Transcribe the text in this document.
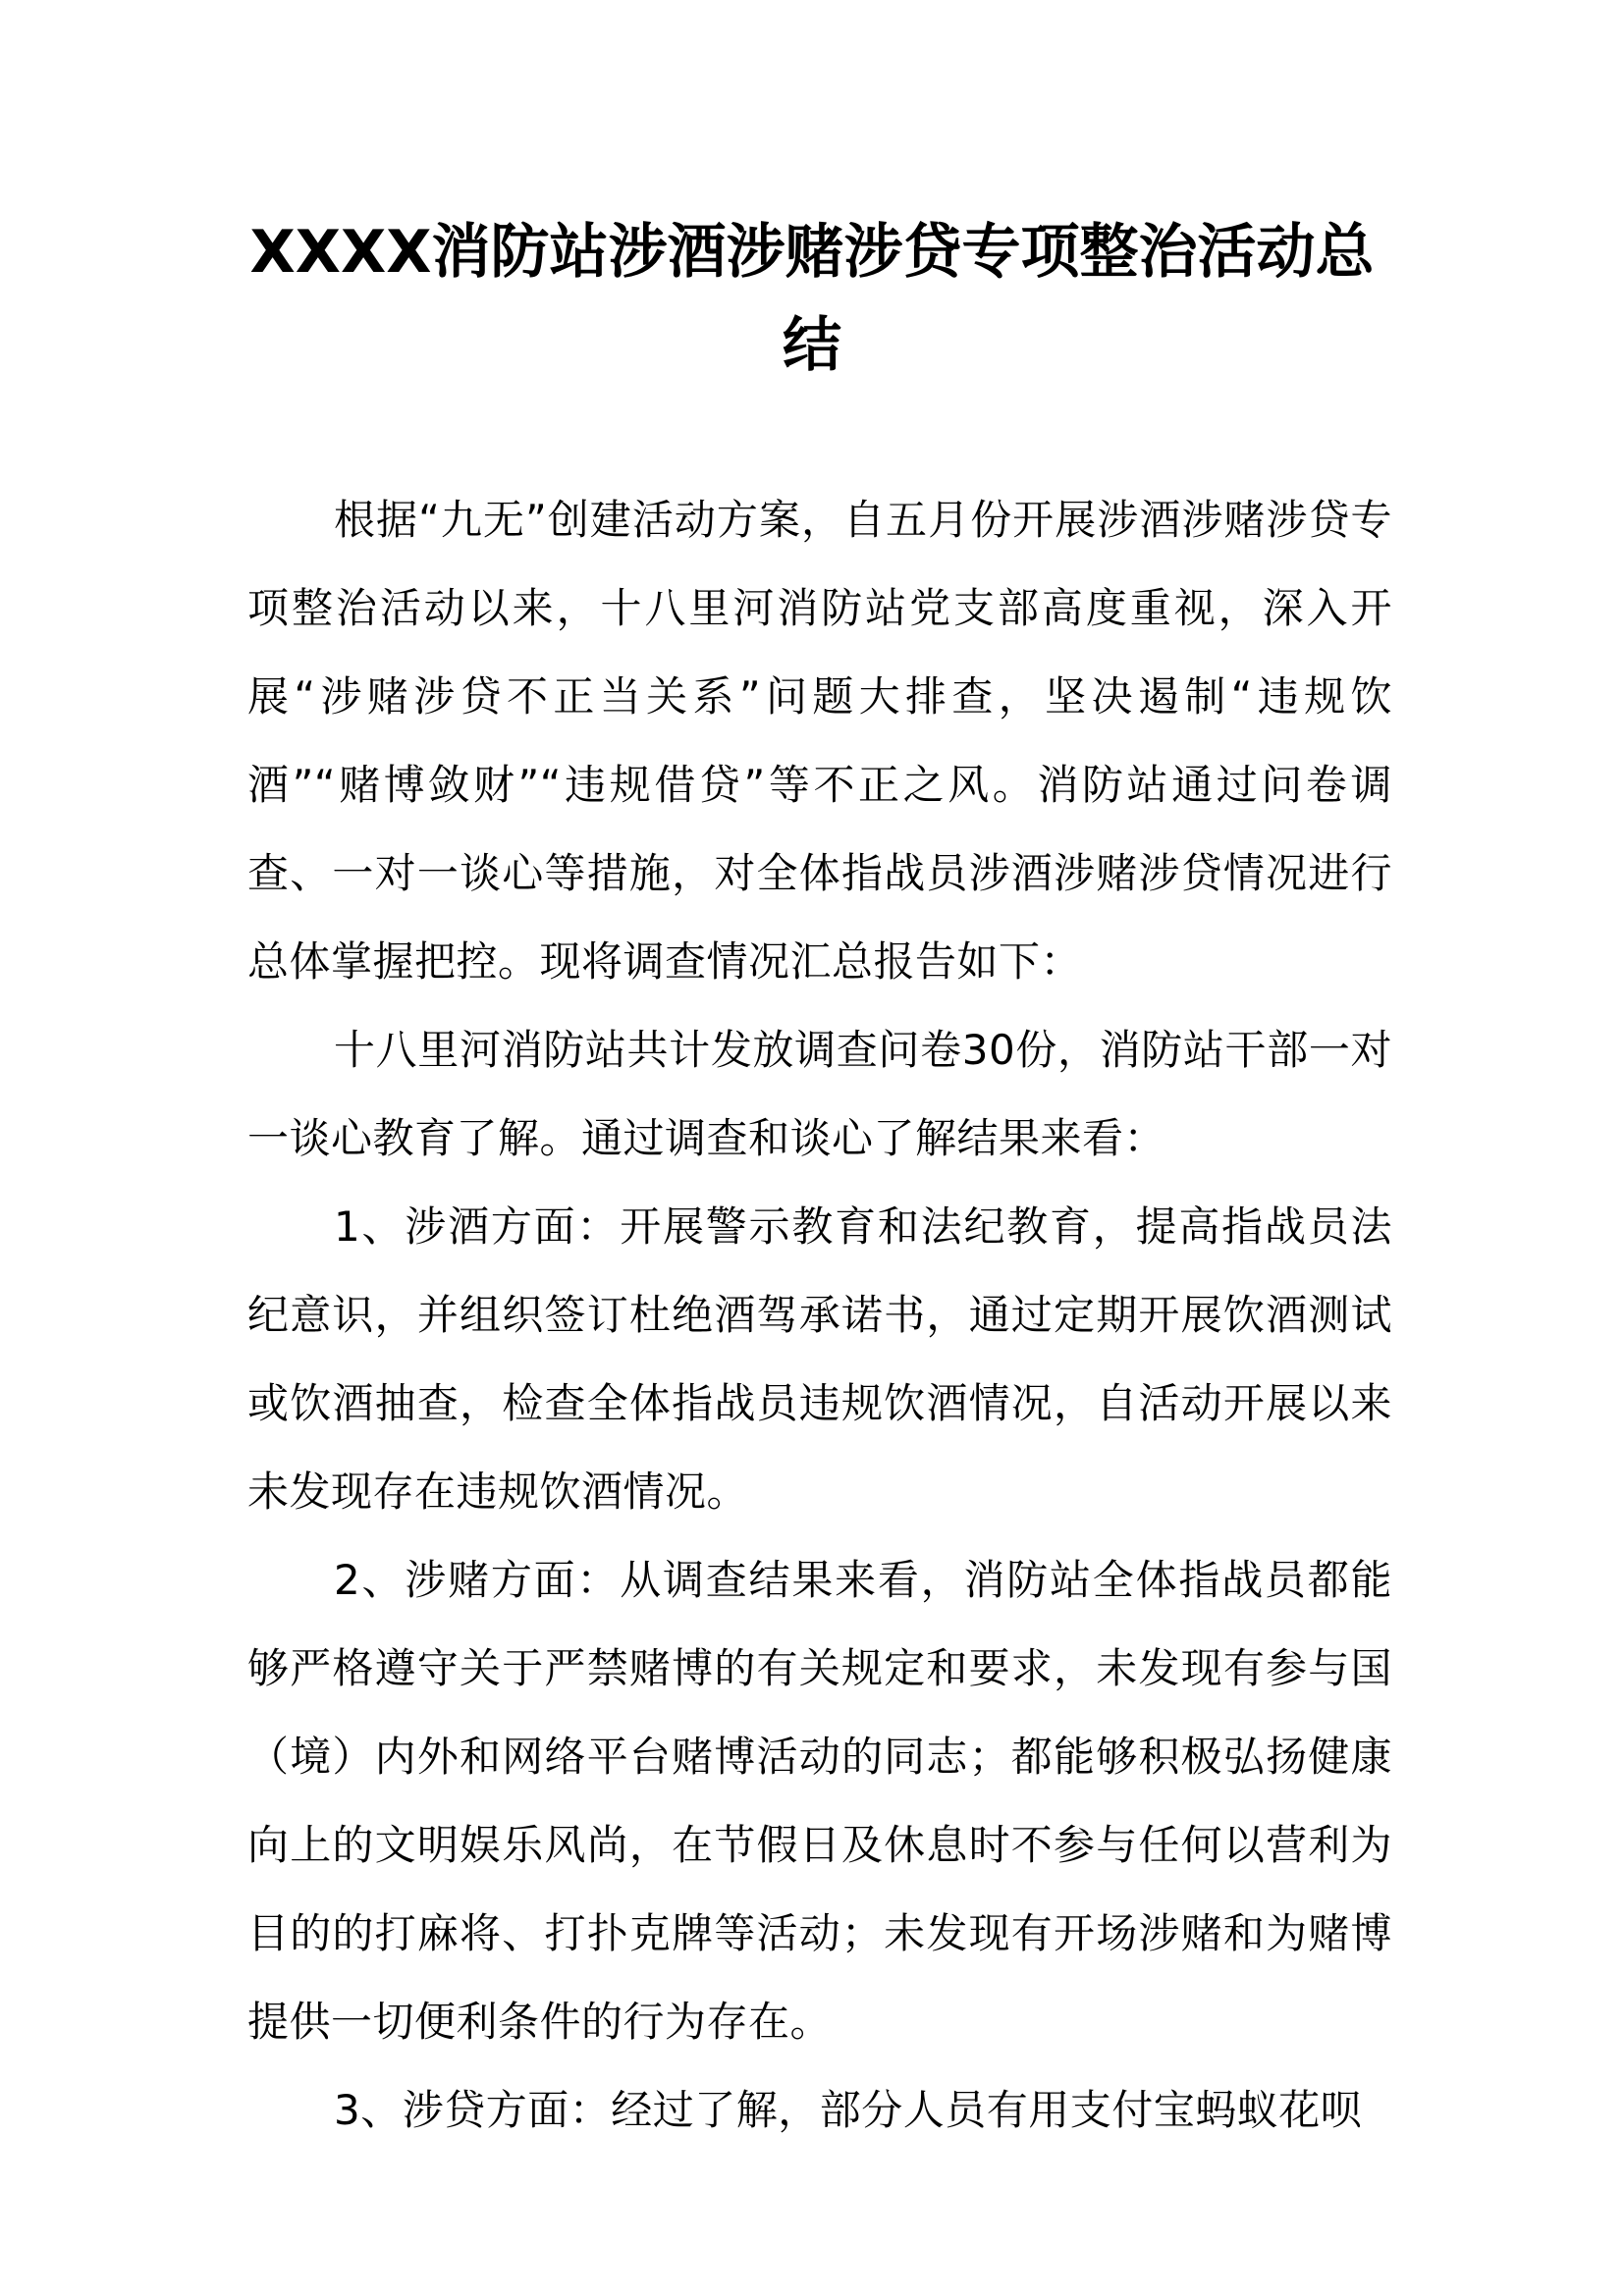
XXXX消防站涉酒涉赌涉贷专项整治活动总结

根据“九无”创建活动方案，自五月份开展涉酒涉赌涉贷专项整治活动以来，十八里河消防站党支部高度重视，深入开展“涉赌涉贷不正当关系”问题大排查，坚决遏制“违规饮酒”“赌博敛财”“违规借贷”等不正之风。消防站通过问卷调查、一对一谈心等措施，对全体指战员涉酒涉赌涉贷情况进行总体掌握把控。现将调查情况汇总报告如下：

十八里河消防站共计发放调查问卷30份，消防站干部一对一谈心教育了解。通过调查和谈心了解结果来看：

1、涉酒方面：开展警示教育和法纪教育，提高指战员法纪意识，并组织签订杜绝酒驾承诺书，通过定期开展饮酒测试或饮酒抽查，检查全体指战员违规饮酒情况，自活动开展以来未发现存在违规饮酒情况。

2、涉赌方面：从调查结果来看，消防站全体指战员都能够严格遵守关于严禁赌博的有关规定和要求，未发现有参与国（境）内外和网络平台赌博活动的同志；都能够积极弘扬健康向上的文明娱乐风尚，在节假日及休息时不参与任何以营利为目的的打麻将、打扑克牌等活动；未发现有开场涉赌和为赌博提供一切便利条件的行为存在。

3、涉贷方面：经过了解，部分人员有用支付宝蚂蚁花呗
